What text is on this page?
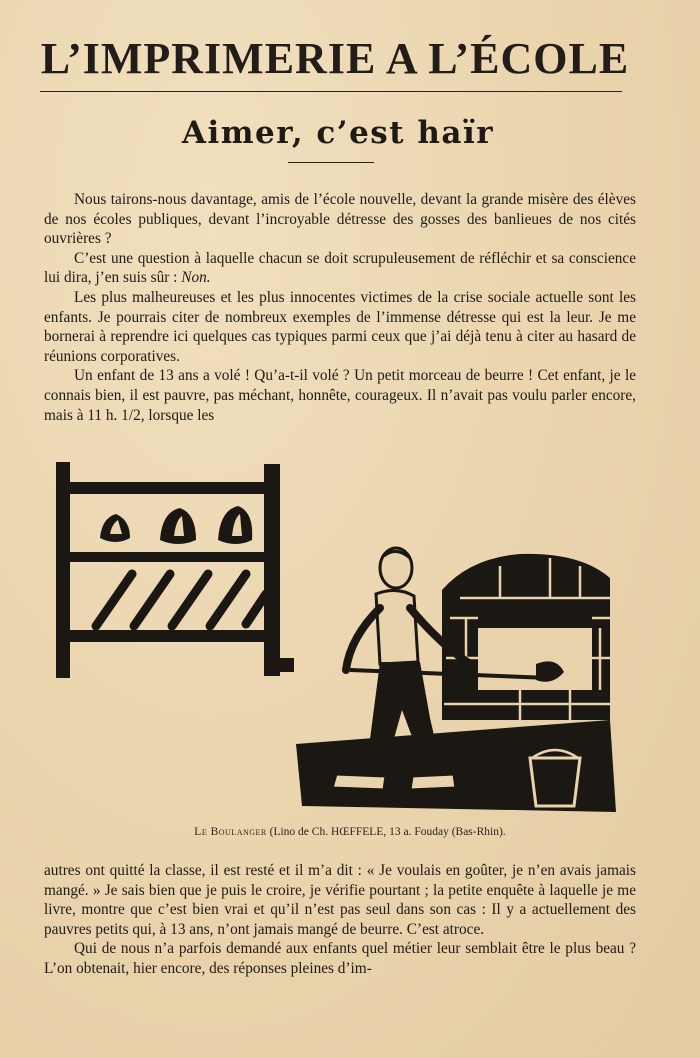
L’IMPRIMERIE A L’ÉCOLE
Aimer, c’est haïr

Nous tairons-nous davantage, amis de l’école nouvelle, devant la grande misère des élèves de nos écoles publiques, devant l’incroyable détresse des gosses des banlieues de nos cités ouvrières ?

C’est une question à laquelle chacun se doit scrupuleusement de réfléchir et sa conscience lui dira, j’en suis sûr : Non.

Les plus malheureuses et les plus innocentes victimes de la crise sociale actuelle sont les enfants. Je pourrais citer de nombreux exemples de l’immense détresse qui est la leur. Je me bornerai à reprendre ici quelques cas typiques parmi ceux que j’ai déjà tenu à citer au hasard de réunions corporatives.

Un enfant de 13 ans a volé ! Qu’a-t-il volé ? Un petit morceau de beurre ! Cet enfant, je le connais bien, il est pauvre, pas méchant, honnête, courageux. Il n’avait pas voulu parler encore, mais à 11 h. 1/2, lorsque les

Le Boulanger (Lino de Ch. HŒFFELE, 13 a. Fouday (Bas-Rhin).

autres ont quitté la classe, il est resté et il m’a dit : « Je voulais en goûter, je n’en avais jamais mangé. » Je sais bien que je puis le croire, je vérifie pourtant ; la petite enquête à laquelle je me livre, montre que c’est bien vrai et qu’il n’est pas seul dans son cas : Il y a actuellement des pauvres petits qui, à 13 ans, n’ont jamais mangé de beurre. C’est atroce.

Qui de nous n’a parfois demandé aux enfants quel métier leur semblait être le plus beau ? L’on obtenait, hier encore, des réponses pleines d’im-
